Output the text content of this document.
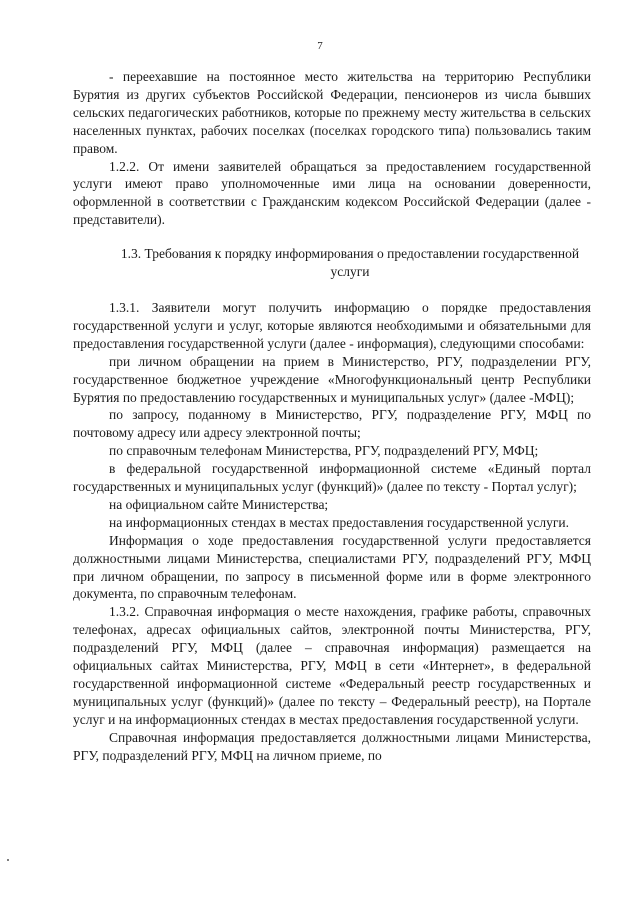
7

- переехавшие на постоянное место жительства на территорию Республики Бурятия из других субъектов Российской Федерации, пенсионеров из числа бывших сельских педагогических работников, которые по прежнему месту жительства в сельских населенных пунктах, рабочих поселках (поселках городского типа) пользовались таким правом.

1.2.2. От имени заявителей обращаться за предоставлением государственной услуги имеют право уполномоченные ими лица на основании доверенности, оформленной в соответствии с Гражданским кодексом Российской Федерации (далее - представители).

1.3. Требования к порядку информирования о предоставлении государственной услуги

1.3.1. Заявители могут получить информацию о порядке предоставления государственной услуги и услуг, которые являются необходимыми и обязательными для предоставления государственной услуги (далее - информация), следующими способами:

при личном обращении на прием в Министерство, РГУ, подразделении РГУ, государственное бюджетное учреждение «Многофункциональный центр Республики Бурятия по предоставлению государственных и муниципальных услуг» (далее -МФЦ);

по запросу, поданному в Министерство, РГУ, подразделение РГУ, МФЦ по почтовому адресу или адресу электронной почты;

по справочным телефонам Министерства, РГУ, подразделений РГУ, МФЦ;

в федеральной государственной информационной системе «Единый портал государственных и муниципальных услуг (функций)» (далее по тексту - Портал услуг);

на официальном сайте Министерства;

на информационных стендах в местах предоставления государственной услуги.

Информация о ходе предоставления государственной услуги предоставляется должностными лицами Министерства, специалистами РГУ, подразделений РГУ, МФЦ при личном обращении, по запросу в письменной форме или в форме электронного документа, по справочным телефонам.

1.3.2. Справочная информация о месте нахождения, графике работы, справочных телефонах, адресах официальных сайтов, электронной почты Министерства, РГУ, подразделений РГУ, МФЦ (далее – справочная информация) размещается на официальных сайтах Министерства, РГУ, МФЦ в сети «Интернет», в федеральной государственной информационной системе «Федеральный реестр государственных и муниципальных услуг (функций)» (далее по тексту – Федеральный реестр), на Портале услуг и на информационных стендах в местах предоставления государственной услуги.

Справочная информация предоставляется должностными лицами Министерства, РГУ, подразделений РГУ, МФЦ на личном приеме, по
